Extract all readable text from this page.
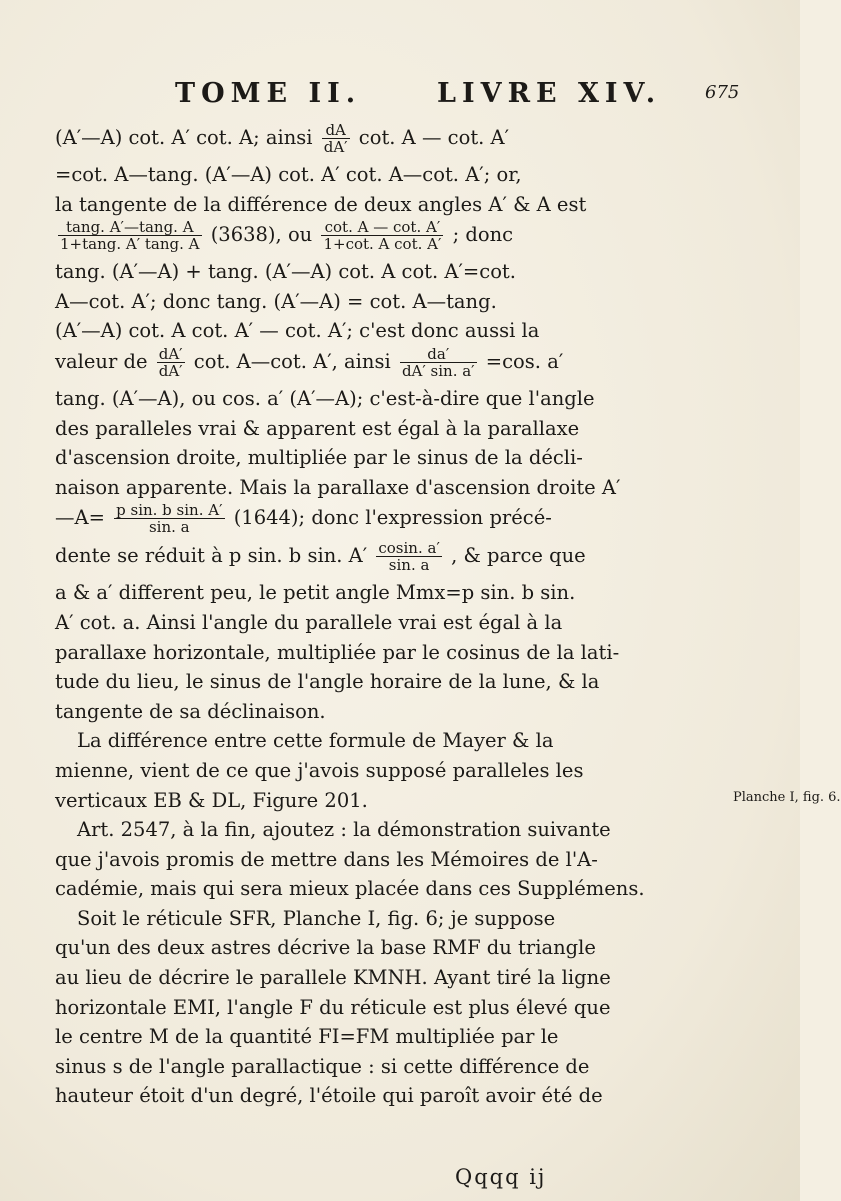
TOME II.	LIVRE XIV. 675
(A′—A) cot. A′ cot. A; ainsi $\frac{dA}{dA'} \cot$. A — cot. A′
=cot. A—tang. (A′—A) cot. A′ cot. A—cot. A′; or,
la tangente de la différence de deux angles A′ & A est
$\frac{\tan g. A'—\tan g. A}{1+\tan g. A' \tan g. A} (3638)$, ou $\frac{\cot. A — \cot. A'}{\text{1+cot. A cot. A′}}$ ; donc
tang. (A′—A) + tang. (A′—A) cot. A cot. A′=cot.
A—cot. A′; donc tang. (A′—A) = cot. A—tang.
(A′—A) cot. A cot. A′ — cot. A′; c'est donc aussi la
valeur de $\frac{dA'}{dA'} \cot$. A—cot. A′, ainsi $\frac{da'}{dA' \sin. a'} =\cos$. a′
tang. (A′—A), ou cos. a′ (A′—A); c'est-à-dire que l'angle
des paralleles vrai & apparent est égal à la parallaxe
d'ascension droite, multipliée par le sinus de la décli-
naison apparente. Mais la parallaxe d'ascension droite A′
—A= $\frac{\text{p sin. b sin. A′}}{\sin. a} (1644)$; donc l'expression précé-
dente se réduit à p sin. b sin. $A' \frac{cosin. a'}{\sin. a}$ , & parce que
a & a′ different peu, le petit angle Mmx=p sin. b sin.
A′ cot. a. Ainsi l'angle du parallele vrai est égal à la
parallaxe horizontale, multipliée par le cosinus de la lati-
tude du lieu, le sinus de l'angle horaire de la lune, & la
tangente de sa déclinaison.
La différence entre cette formule de Mayer & la
mienne, vient de ce que j'avois supposé paralleles les
verticaux EB & DL, Figure 201.
Art. 2547, à la fin, ajoutez : la démonstration suivante
que j'avois promis de mettre dans les Mémoires de l'A-
cadémie, mais qui sera mieux placée dans ces Supplémens.
Soit le réticule SFR, Planche I, fig. 6; je suppose
qu'un des deux astres décrive la base RMF du triangle
au lieu de décrire le parallele KMNH. Ayant tiré la ligne
horizontale EMI, l'angle F du réticule est plus élevé que
le centre M de la quantité FI=FM multipliée par le
sinus s de l'angle parallactique : si cette différence de
hauteur étoit d'un degré, l'étoile qui paroît avoir été de
Planche I, fig. 6.
Qqqq ij
